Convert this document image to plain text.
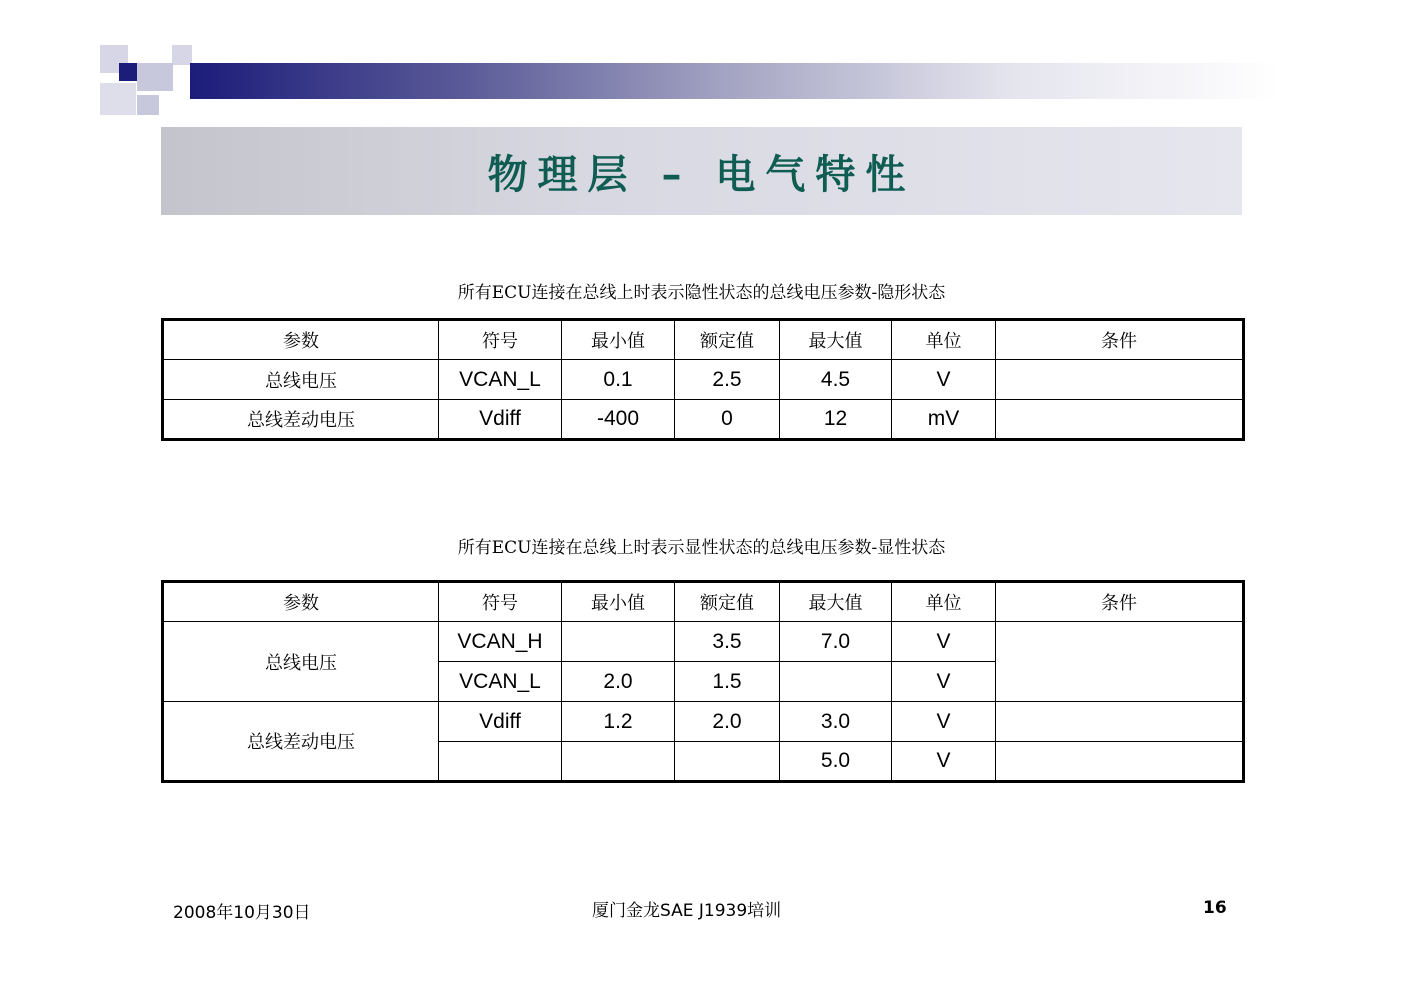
物理层 – 电气特性
所有ECU连接在总线上时表示隐性状态的总线电压参数-隐形状态
参数	符号	最小值	额定值	最大值	单位	条件
总线电压	VCAN_L	0.1	2.5	4.5	V	
总线差动电压	Vdiff	-400	0	12	mV	
所有ECU连接在总线上时表示显性状态的总线电压参数-显性状态
参数	符号	最小值	额定值	最大值	单位	条件
总线电压	VCAN_H		3.5	7.0	V	
	VCAN_L	2.0	1.5		V	
总线差动电压	Vdiff	1.2	2.0	3.0	V	
				5.0	V	
2008年10月30日	厦门金龙SAE J1939培训	16
